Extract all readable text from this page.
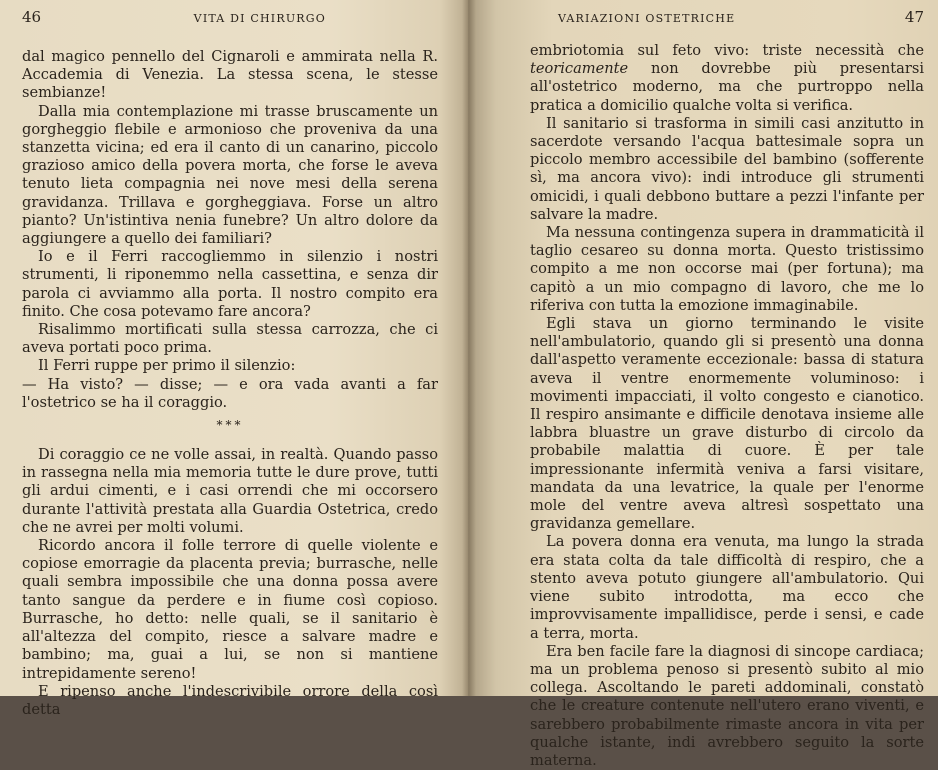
46	VITA DI CHIRURGO

dal magico pennello del Cignaroli e ammirata nella R. Accademia di Venezia. La stessa scena, le stesse sembianze!

Dalla mia contemplazione mi trasse bruscamente un gorgheggio flebile e armonioso che proveniva da una stanzetta vicina; ed era il canto di un canarino, piccolo grazioso amico della povera morta, che forse le aveva tenuto lieta compagnia nei nove mesi della serena gravidanza. Trillava e gorgheggiava. Forse un altro pianto? Un'istintiva nenia funebre? Un altro dolore da aggiungere a quello dei familiari?

Io e il Ferri raccogliemmo in silenzio i nostri strumenti, li riponemmo nella cassettina, e senza dir parola ci avviammo alla porta. Il nostro compito era finito. Che cosa potevamo fare ancora?

Risalimmo mortificati sulla stessa carrozza, che ci aveva portati poco prima.

Il Ferri ruppe per primo il silenzio:

— Ha visto? — disse; — e ora vada avanti a far l'ostetrico se ha il coraggio.

***

Di coraggio ce ne volle assai, in realtà. Quando passo in rassegna nella mia memoria tutte le dure prove, tutti gli ardui cimenti, e i casi orrendi che mi occorsero durante l'attività prestata alla Guardia Ostetrica, credo che ne avrei per molti volumi.

Ricordo ancora il folle terrore di quelle violente e copiose emorragie da placenta previa; burrasche, nelle quali sembra impossibile che una donna possa avere tanto sangue da perdere e in fiume così copioso. Burrasche, ho detto: nelle quali, se il sanitario è all'altezza del compito, riesce a salvare madre e bambino; ma, guai a lui, se non si mantiene intrepidamente sereno!

E ripenso anche l'indescrivibile orrore della così detta

VARIAZIONI OSTETRICHE	47

embriotomia sul feto vivo: triste necessità che teoricamente non dovrebbe più presentarsi all'ostetrico moderno, ma che purtroppo nella pratica a domicilio qualche volta si verifica.

Il sanitario si trasforma in simili casi anzitutto in sacerdote versando l'acqua battesimale sopra un piccolo membro accessibile del bambino (sofferente sì, ma ancora vivo): indi introduce gli strumenti omicidi, i quali debbono buttare a pezzi l'infante per salvare la madre.

Ma nessuna contingenza supera in drammaticità il taglio cesareo su donna morta. Questo tristissimo compito a me non occorse mai (per fortuna); ma capitò a un mio compagno di lavoro, che me lo riferiva con tutta la emozione immaginabile.

Egli stava un giorno terminando le visite nell'ambulatorio, quando gli si presentò una donna dall'aspetto veramente eccezionale: bassa di statura aveva il ventre enormemente voluminoso: i movimenti impacciati, il volto congesto e cianotico. Il respiro ansimante e difficile denotava insieme alle labbra bluastre un grave disturbo di circolo da probabile malattia di cuore. È per tale impressionante infermità veniva a farsi visitare, mandata da una levatrice, la quale per l'enorme mole del ventre aveva altresì sospettato una gravidanza gemellare.

La povera donna era venuta, ma lungo la strada era stata colta da tale difficoltà di respiro, che a stento aveva potuto giungere all'ambulatorio. Qui viene subito introdotta, ma ecco che improvvisamente impallidisce, perde i sensi, e cade a terra, morta.

Era ben facile fare la diagnosi di sincope cardiaca; ma un problema penoso si presentò subito al mio collega. Ascoltando le pareti addominali, constatò che le creature contenute nell'utero erano viventi, e sarebbero probabilmente rimaste ancora in vita per qualche istante, indi avrebbero seguito la sorte materna.
